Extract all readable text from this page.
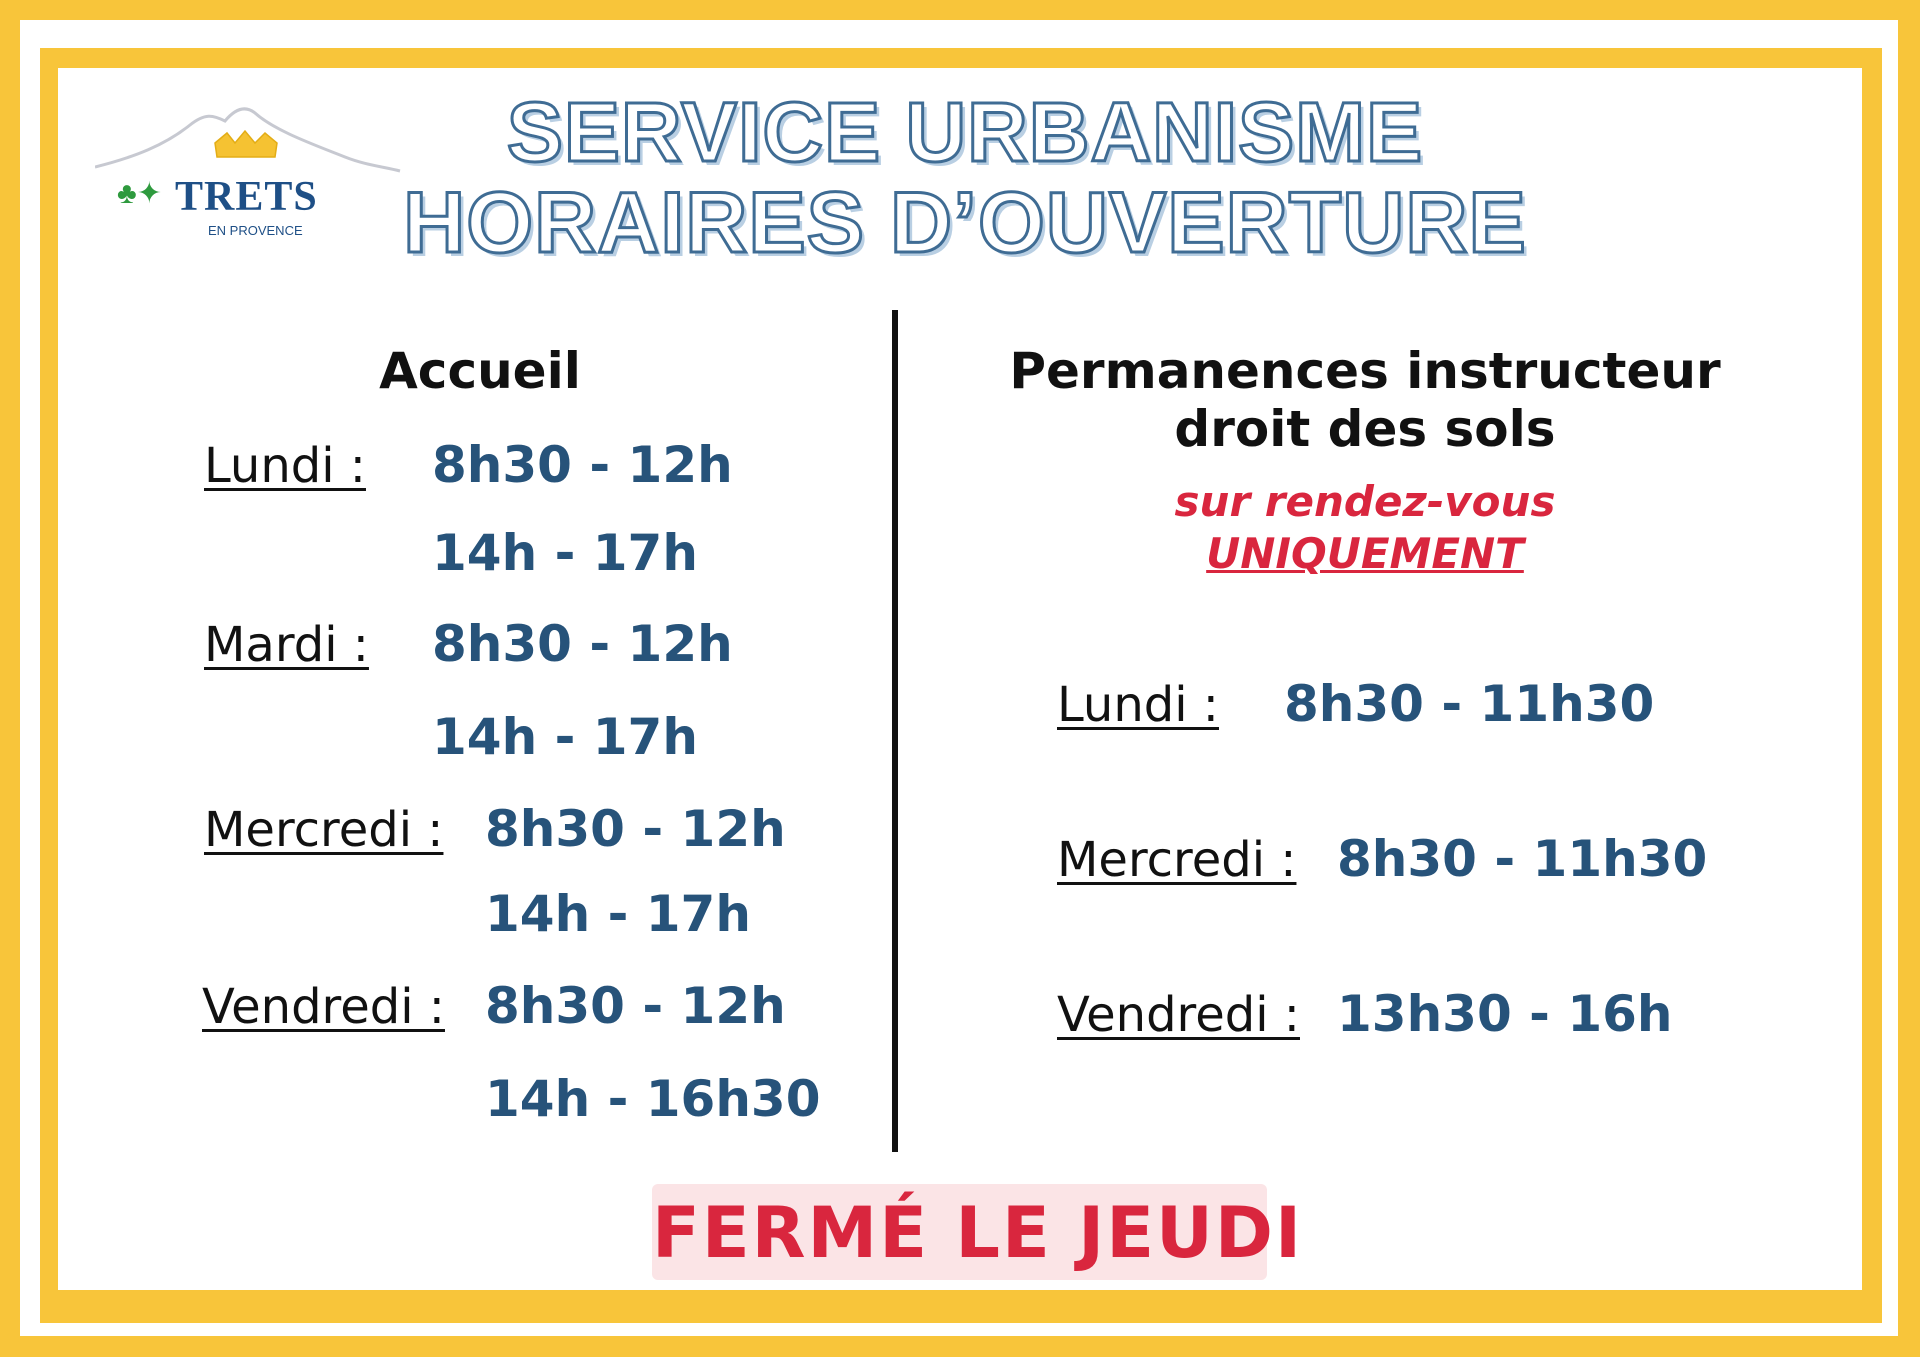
♣✦ TRETS
EN PROVENCE
SERVICE URBANISME
HORAIRES D’OUVERTURE
Accueil
Lundi : 8h30 - 12h
14h - 17h
Mardi : 8h30 - 12h
14h - 17h
Mercredi : 8h30 - 12h
14h - 17h
Vendredi : 8h30 - 12h
14h - 16h30
Permanences instructeur
droit des sols
sur rendez-vous
UNIQUEMENT
Lundi : 8h30 - 11h30
Mercredi : 8h30 - 11h30
Vendredi : 13h30 - 16h
FERMÉ LE JEUDI
